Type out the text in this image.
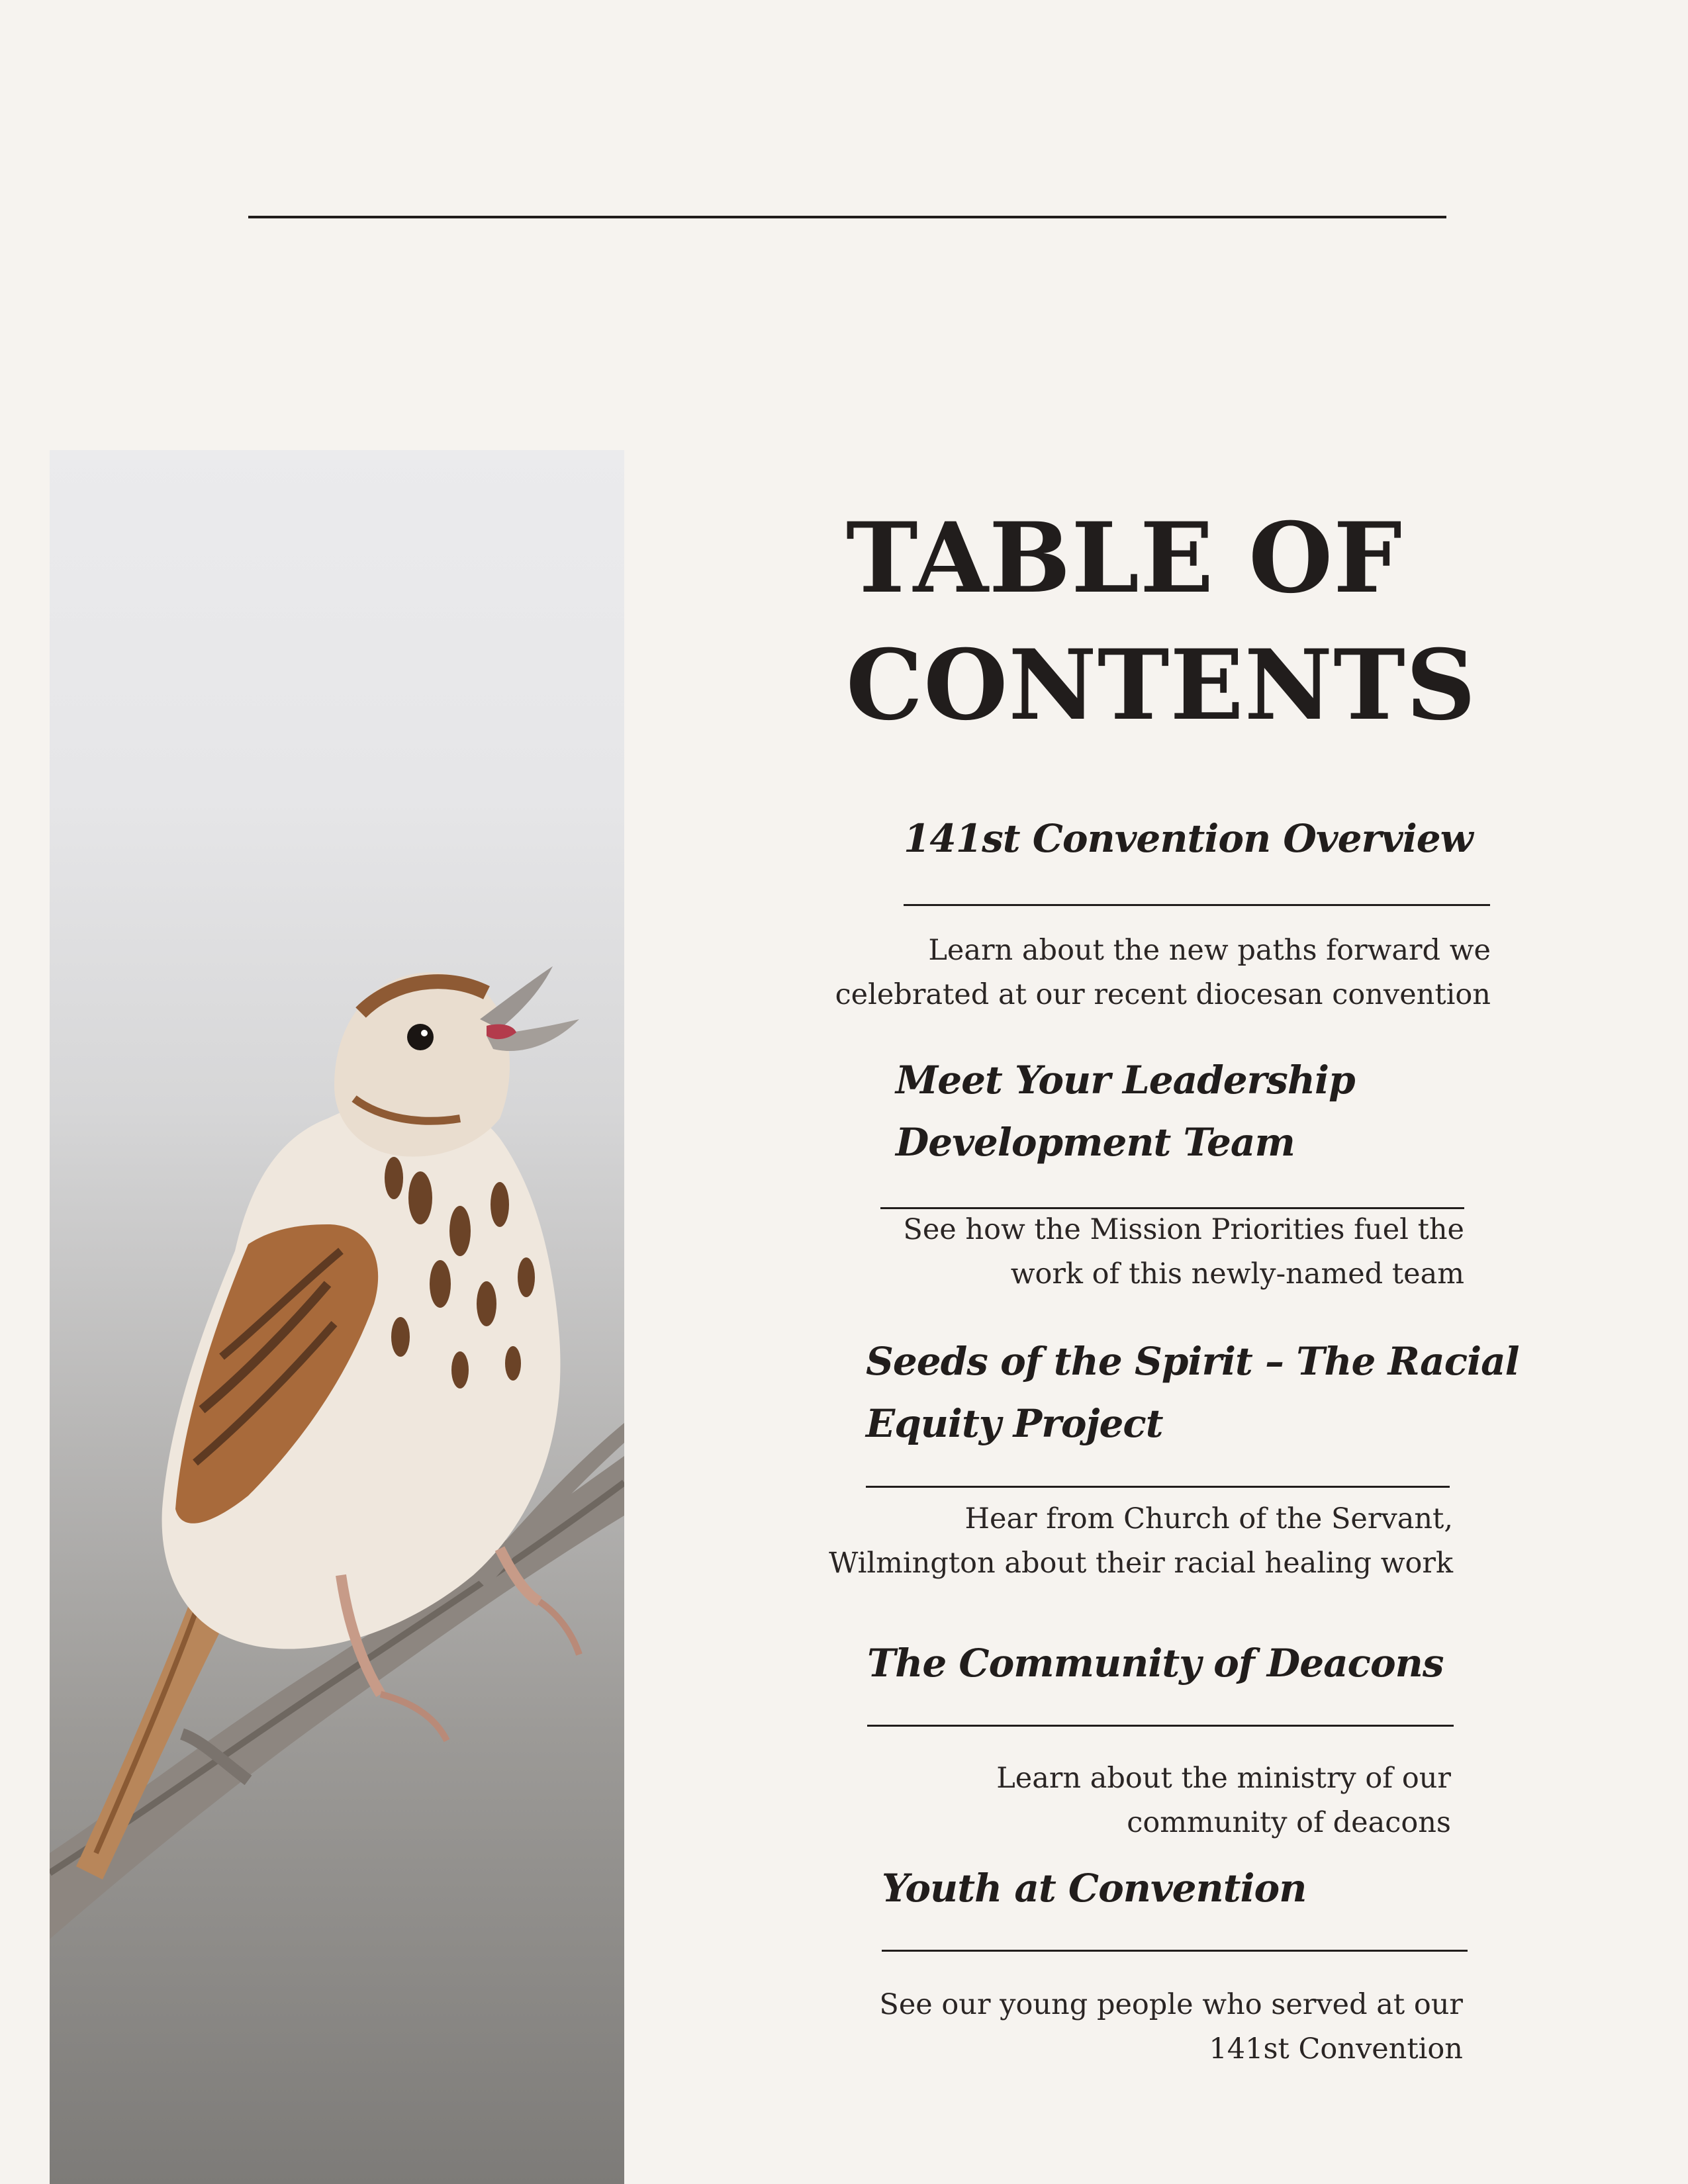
TABLE OF
CONTENTS
141st Convention Overview

Learn about the new paths forward we
celebrated at our recent diocesan convention

Meet Your Leadership
Development Team

See how the Mission Priorities fuel the
work of this newly-named team

Seeds of the Spirit – The Racial
Equity Project

Hear from Church of the Servant,
Wilmington about their racial healing work

The Community of Deacons

Learn about the ministry of our
community of deacons

Youth at Convention

See our young people who served at our
141st Convention
